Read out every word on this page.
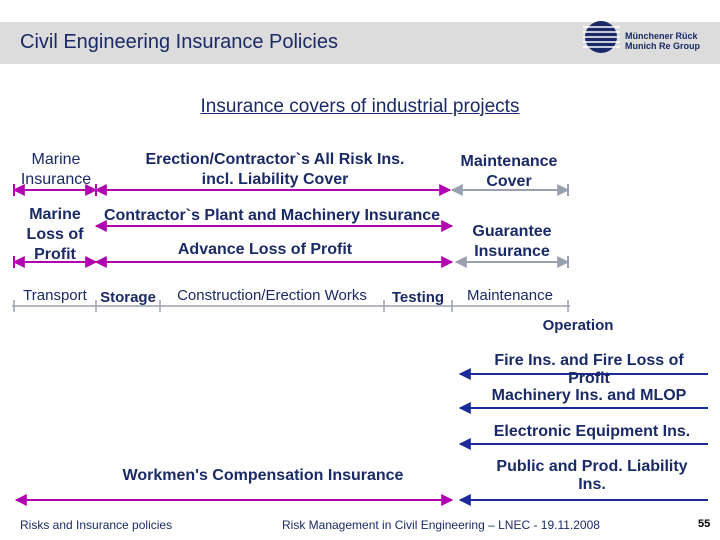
Civil Engineering Insurance Policies	Münchener Rück
Munich Re Group
Insurance covers of industrial projects
Marine
Insurance
Erection/Contractor`s All Risk Ins.
incl. Liability Cover
Maintenance
Cover
Marine
Loss of
Profit
Contractor`s Plant and Machinery Insurance
Advance Loss of Profit
Guarantee
Insurance
Transport Storage	Construction/Erection Works	Testing	Maintenance
Operation
Fire Ins. and Fire Loss of
Profit
Machinery Ins. and MLOP
Electronic Equipment Ins.
Public and Prod. Liability
Ins.
Workmen's Compensation Insurance
Risks and Insurance policies	Risk Management in Civil Engineering – LNEC - 19.11.2008	55
